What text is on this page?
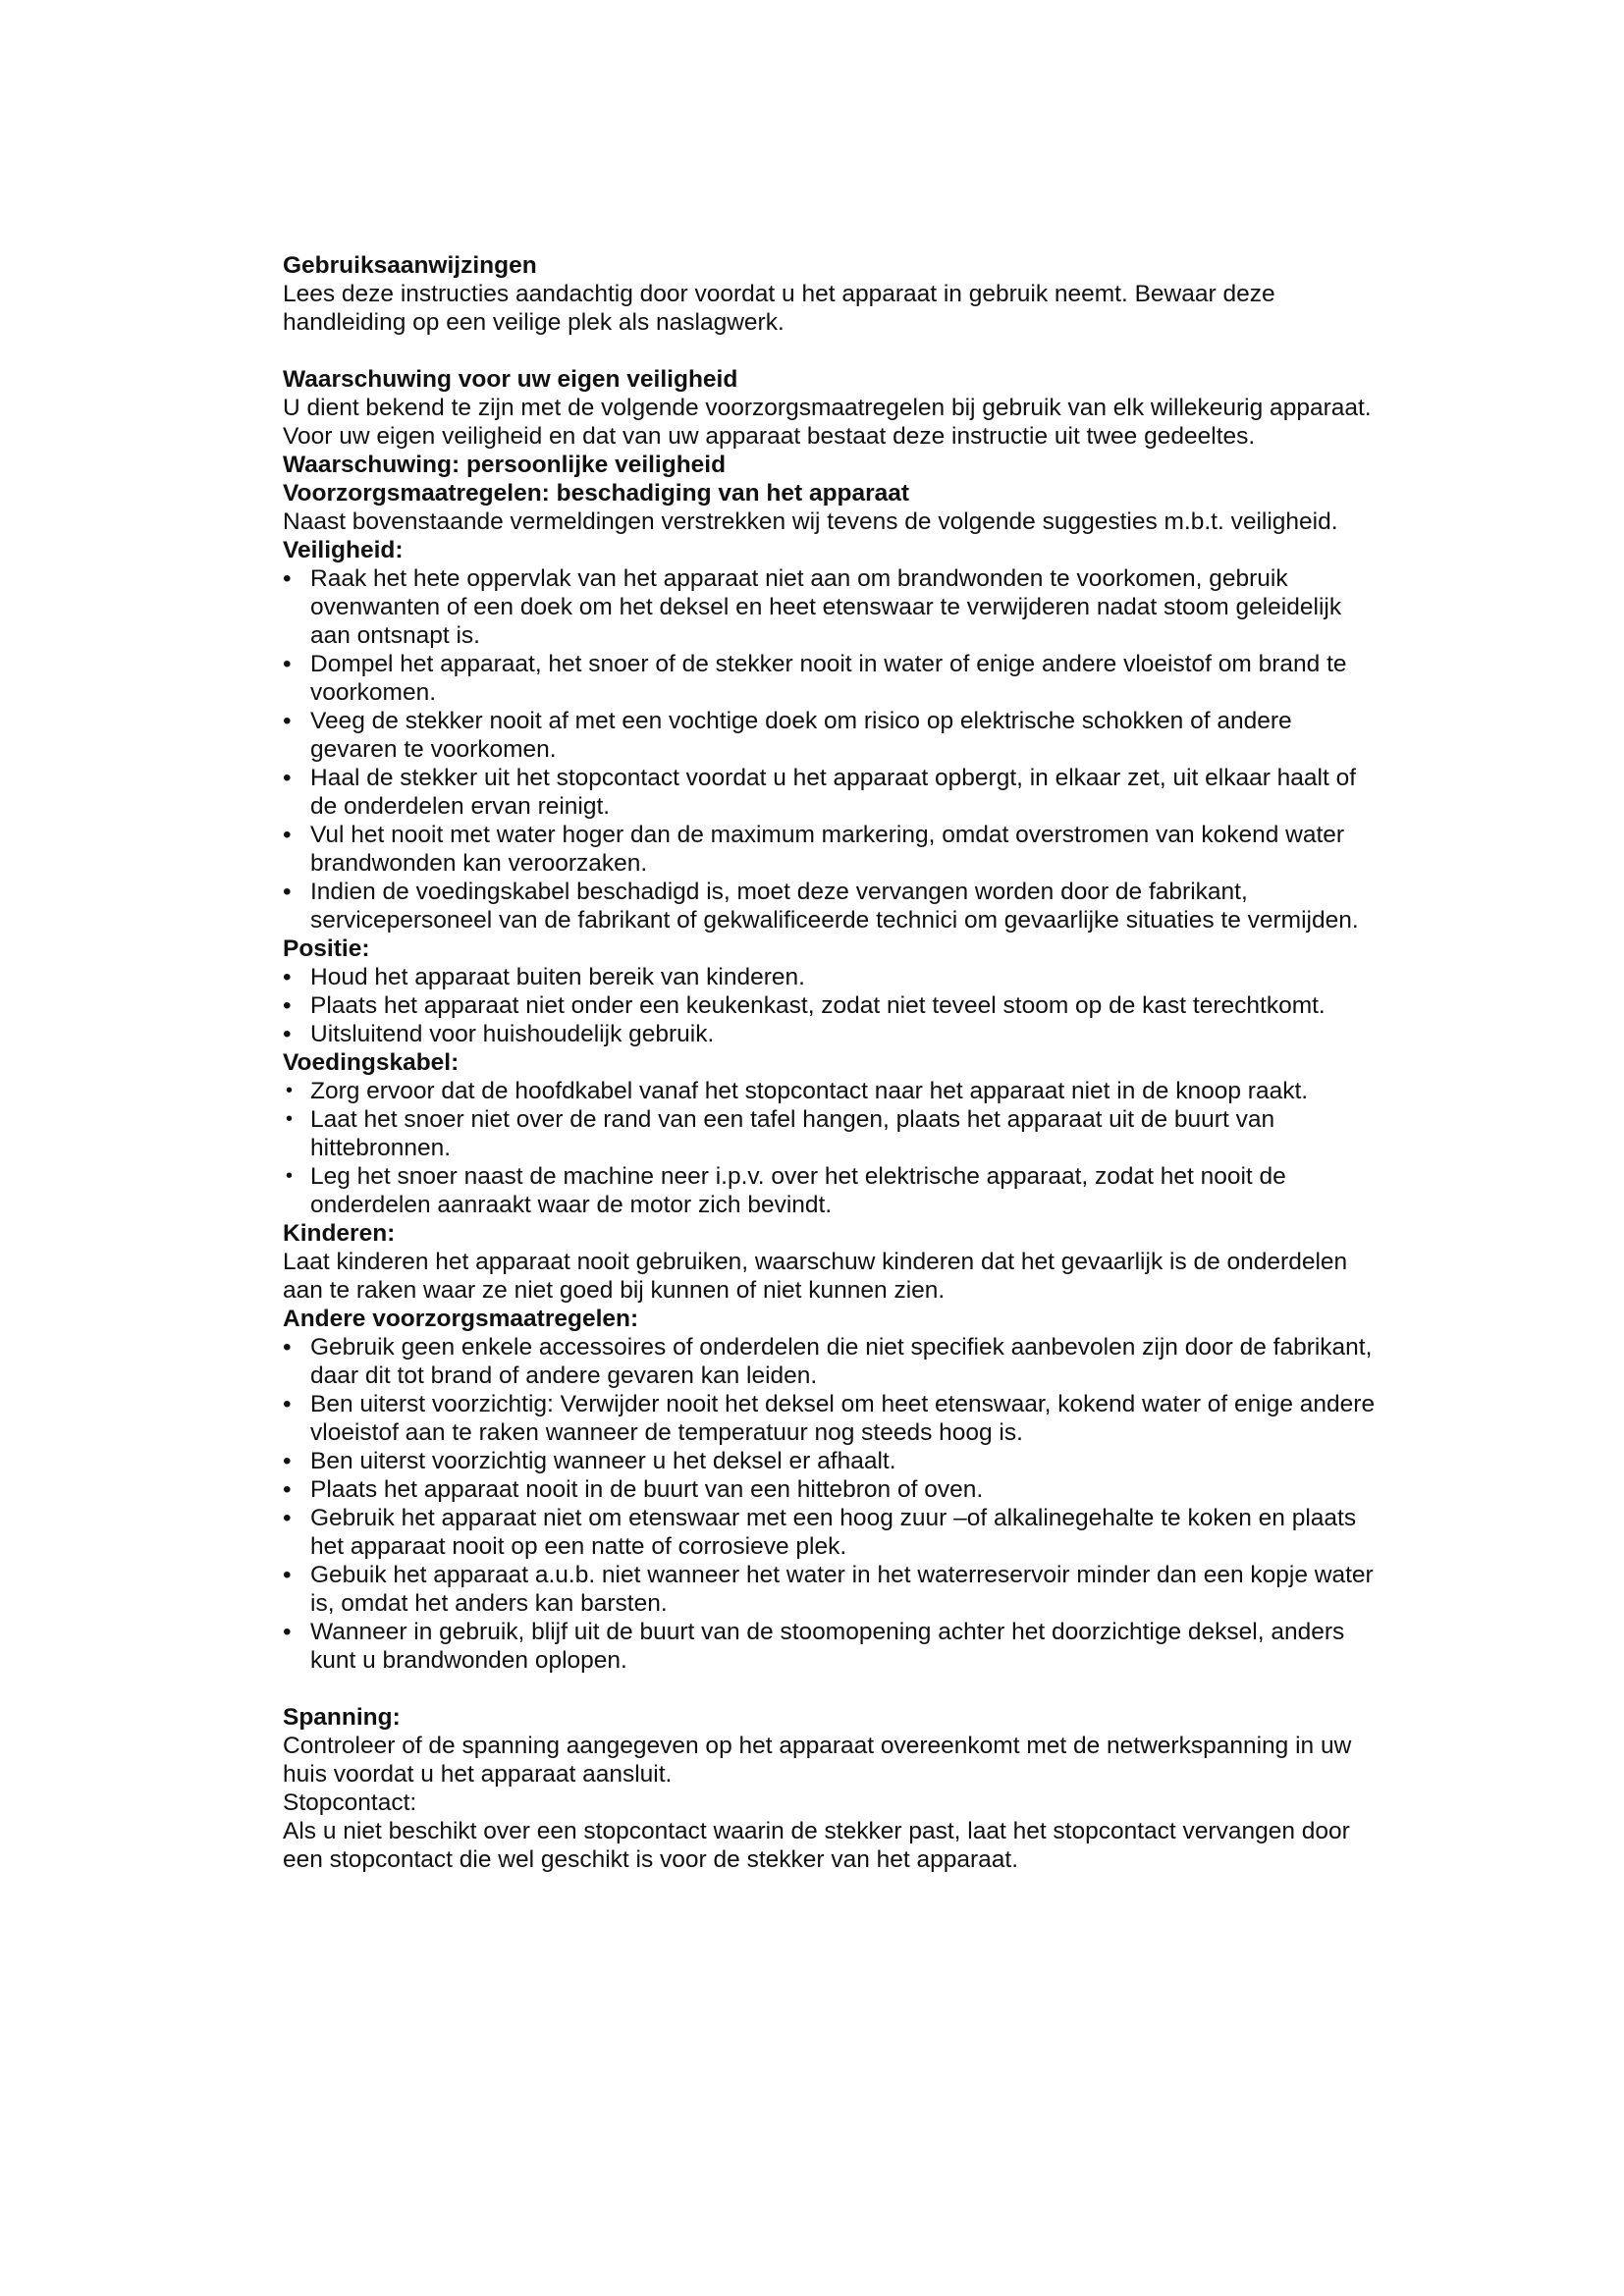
Gebruiksaanwijzingen

Lees deze instructies aandachtig door voordat u het apparaat in gebruik neemt. Bewaar deze handleiding op een veilige plek als naslagwerk.

Waarschuwing voor uw eigen veiligheid

U dient bekend te zijn met de volgende voorzorgsmaatregelen bij gebruik van elk willekeurig apparaat.

Voor uw eigen veiligheid en dat van uw apparaat bestaat deze instructie uit twee gedeeltes.

Waarschuwing: persoonlijke veiligheid

Voorzorgsmaatregelen: beschadiging van het apparaat

Naast bovenstaande vermeldingen verstrekken wij tevens de volgende suggesties m.b.t. veiligheid.

Veiligheid:

• Raak het hete oppervlak van het apparaat niet aan om brandwonden te voorkomen, gebruik ovenwanten of een doek om het deksel en heet etenswaar te verwijderen nadat stoom geleidelijk aan ontsnapt is.
• Dompel het apparaat, het snoer of de stekker nooit in water of enige andere vloeistof om brand te voorkomen.
• Veeg de stekker nooit af met een vochtige doek om risico op elektrische schokken of andere gevaren te voorkomen.
• Haal de stekker uit het stopcontact voordat u het apparaat opbergt, in elkaar zet, uit elkaar haalt of de onderdelen ervan reinigt.
• Vul het nooit met water hoger dan de maximum markering, omdat overstromen van kokend water brandwonden kan veroorzaken.
• Indien de voedingskabel beschadigd is, moet deze vervangen worden door de fabrikant, servicepersoneel van de fabrikant of gekwalificeerde technici om gevaarlijke situaties te vermijden.

Positie:

• Houd het apparaat buiten bereik van kinderen.
• Plaats het apparaat niet onder een keukenkast, zodat niet teveel stoom op de kast terechtkomt.
• Uitsluitend voor huishoudelijk gebruik.

Voedingskabel:

• Zorg ervoor dat de hoofdkabel vanaf het stopcontact naar het apparaat niet in de knoop raakt.
• Laat het snoer niet over de rand van een tafel hangen, plaats het apparaat uit de buurt van hittebronnen.
• Leg het snoer naast de machine neer i.p.v. over het elektrische apparaat, zodat het nooit de onderdelen aanraakt waar de motor zich bevindt.

Kinderen:

Laat kinderen het apparaat nooit gebruiken, waarschuw kinderen dat het gevaarlijk is de onderdelen aan te raken waar ze niet goed bij kunnen of niet kunnen zien.

Andere voorzorgsmaatregelen:

• Gebruik geen enkele accessoires of onderdelen die niet specifiek aanbevolen zijn door de fabrikant, daar dit tot brand of andere gevaren kan leiden.
• Ben uiterst voorzichtig: Verwijder nooit het deksel om heet etenswaar, kokend water of enige andere vloeistof aan te raken wanneer de temperatuur nog steeds hoog is.
• Ben uiterst voorzichtig wanneer u het deksel er afhaalt.
• Plaats het apparaat nooit in de buurt van een hittebron of oven.
• Gebruik het apparaat niet om etenswaar met een hoog zuur –of alkalinegehalte te koken en plaats het apparaat nooit op een natte of corrosieve plek.
• Gebuik het apparaat a.u.b. niet wanneer het water in het waterreservoir minder dan een kopje water is, omdat het anders kan barsten.
• Wanneer in gebruik, blijf uit de buurt van de stoomopening achter het doorzichtige deksel, anders kunt u brandwonden oplopen.

Spanning:

Controleer of de spanning aangegeven op het apparaat overeenkomt met de netwerkspanning in uw huis voordat u het apparaat aansluit.

Stopcontact:

Als u niet beschikt over een stopcontact waarin de stekker past, laat het stopcontact vervangen door een stopcontact die wel geschikt is voor de stekker van het apparaat.
